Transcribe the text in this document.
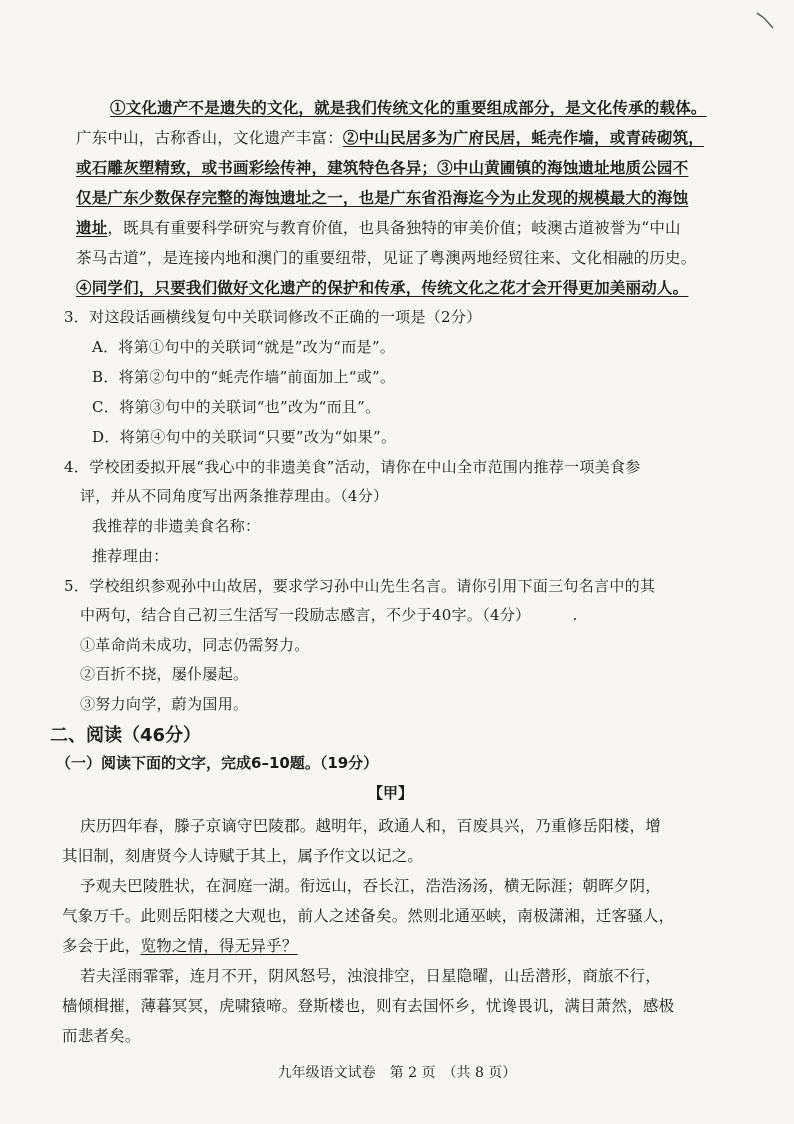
①文化遗产不是遗失的文化，就是我们传统文化的重要组成部分，是文化传承的载体。
广东中山，古称香山，文化遗产丰富：②中山民居多为广府民居，蚝壳作墙，或青砖砌筑，
或石雕灰塑精致，或书画彩绘传神，建筑特色各异；③中山黄圃镇的海蚀遗址地质公园不
仅是广东少数保存完整的海蚀遗址之一，也是广东省沿海迄今为止发现的规模最大的海蚀
遗址，既具有重要科学研究与教育价值，也具备独特的审美价值；岐澳古道被誉为“中山
茶马古道”，是连接内地和澳门的重要纽带，见证了粤澳两地经贸往来、文化相融的历史。
④同学们，只要我们做好文化遗产的保护和传承，传统文化之花才会开得更加美丽动人。
3．对这段话画横线复句中关联词修改不正确的一项是（2分）
A．将第①句中的关联词“就是”改为“而是”。
B．将第②句中的“蚝壳作墙”前面加上“或”。
C．将第③句中的关联词“也”改为“而且”。
D．将第④句中的关联词“只要”改为“如果”。
4．学校团委拟开展“我心中的非遗美食”活动，请你在中山全市范围内推荐一项美食参
评，并从不同角度写出两条推荐理由。（4分）
我推荐的非遗美食名称：
推荐理由：
5．学校组织参观孙中山故居，要求学习孙中山先生名言。请你引用下面三句名言中的其
中两句，结合自己初三生活写一段励志感言，不少于40字。（4分）	.
①革命尚未成功，同志仍需努力。
②百折不挠，屡仆屡起。
③努力向学，蔚为国用。
二、阅读（46分）
（一）阅读下面的文字，完成6–10题。（19分）
【甲】
庆历四年春，滕子京谪守巴陵郡。越明年，政通人和，百废具兴，乃重修岳阳楼，增
其旧制，刻唐贤今人诗赋于其上，属予作文以记之。
予观夫巴陵胜状，在洞庭一湖。衔远山，吞长江，浩浩汤汤，横无际涯；朝晖夕阴，
气象万千。此则岳阳楼之大观也，前人之述备矣。然则北通巫峡，南极潇湘，迁客骚人，
多会于此，览物之情，得无异乎？
若夫淫雨霏霏，连月不开，阴风怒号，浊浪排空，日星隐曜，山岳潜形，商旅不行，
樯倾楫摧，薄暮冥冥，虎啸猿啼。登斯楼也，则有去国怀乡，忧谗畏讥，满目萧然，感极
而悲者矣。
九年级语文试卷　第 2 页　（共 8 页）
